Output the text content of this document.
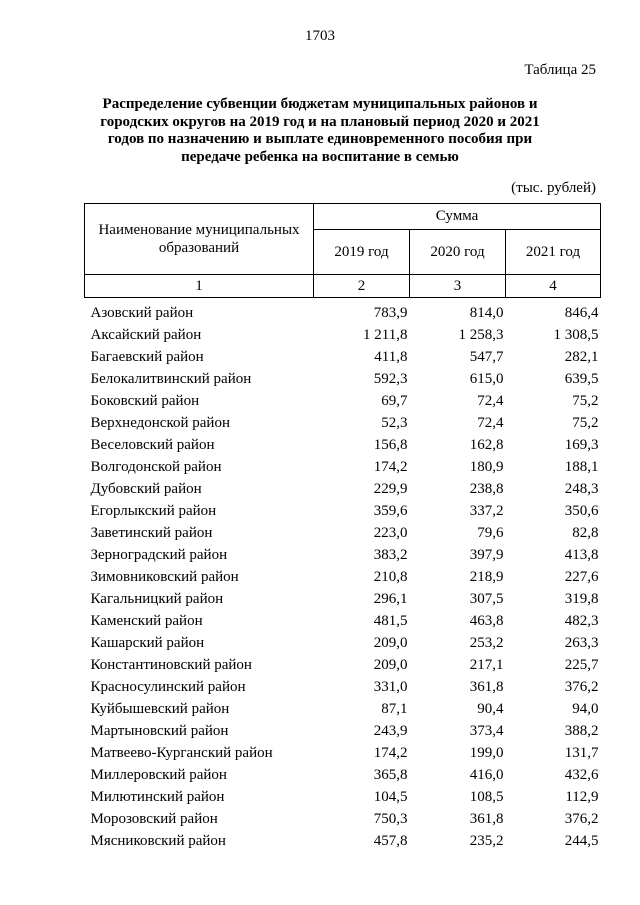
1703
Таблица 25
Распределение субвенции бюджетам муниципальных районов и городских округов на 2019 год и на плановый период 2020 и 2021 годов по назначению и выплате единовременного пособия при передаче ребенка на воспитание в семью
(тыс. рублей)
Наименование муниципальных образований	Сумма		
	2019 год	2020 год	2021 год
1	2	3	4
Азовский район	783,9	814,0	846,4
Аксайский район	1 211,8	1 258,3	1 308,5
Багаевский район	411,8	547,7	282,1
Белокалитвинский район	592,3	615,0	639,5
Боковский район	69,7	72,4	75,2
Верхнедонской район	52,3	72,4	75,2
Веселовский район	156,8	162,8	169,3
Волгодонской район	174,2	180,9	188,1
Дубовский район	229,9	238,8	248,3
Егорлыкский район	359,6	337,2	350,6
Заветинский район	223,0	79,6	82,8
Зерноградский район	383,2	397,9	413,8
Зимовниковский район	210,8	218,9	227,6
Кагальницкий район	296,1	307,5	319,8
Каменский район	481,5	463,8	482,3
Кашарский район	209,0	253,2	263,3
Константиновский район	209,0	217,1	225,7
Красносулинский район	331,0	361,8	376,2
Куйбышевский район	87,1	90,4	94,0
Мартыновский район	243,9	373,4	388,2
Матвеево-Курганский район	174,2	199,0	131,7
Миллеровский район	365,8	416,0	432,6
Милютинский район	104,5	108,5	112,9
Морозовский район	750,3	361,8	376,2
Мясниковский район	457,8	235,2	244,5
